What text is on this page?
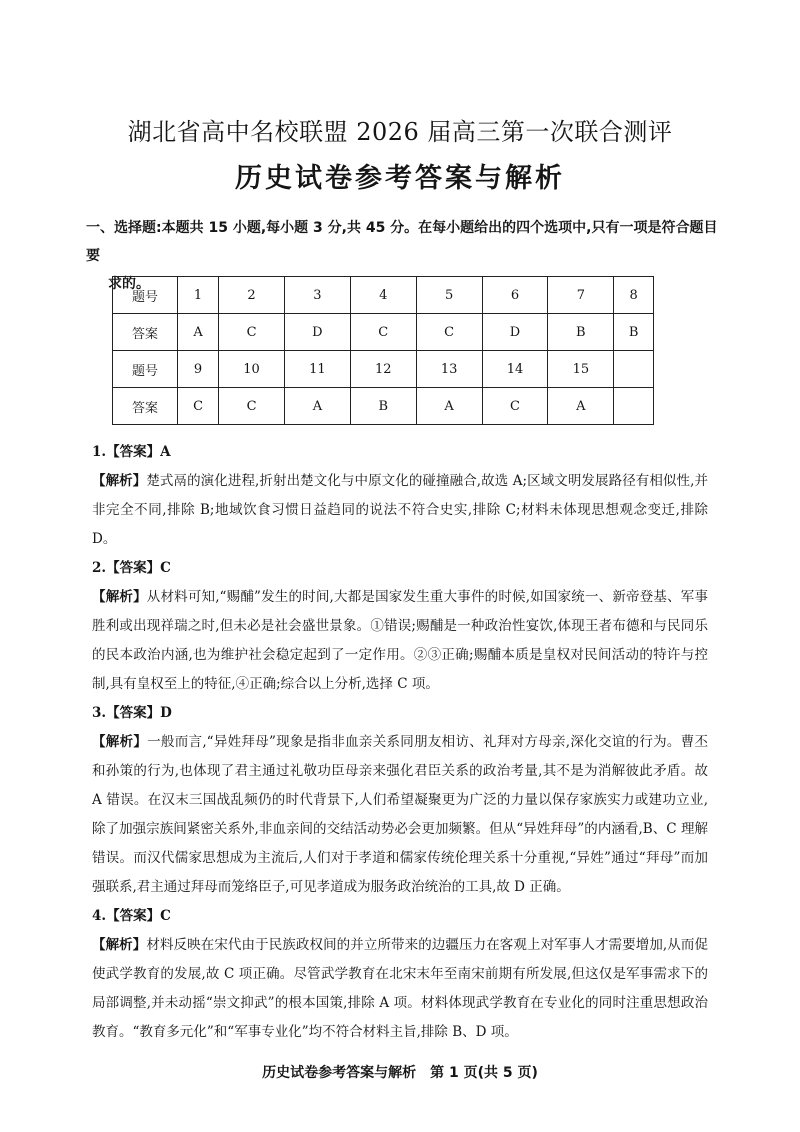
湖北省高中名校联盟 2026 届高三第一次联合测评
历史试卷参考答案与解析
一、选择题:本题共 15 小题,每小题 3 分,共 45 分。在每小题给出的四个选项中,只有一项是符合题目要
求的。
题号	1	2	3	4	5	6	7	8
答案	A	C	D	C	C	D	B	B
题号	9	10	11	12	13	14	15	
答案	C	C	A	B	A	C	A	
1.【答案】A

【解析】楚式鬲的演化进程,折射出楚文化与中原文化的碰撞融合,故选 A;区域文明发展路径有相似性,并非完全不同,排除 B;地域饮食习惯日益趋同的说法不符合史实,排除 C;材料未体现思想观念变迁,排除 D。

2.【答案】C

【解析】从材料可知,“赐酺”发生的时间,大都是国家发生重大事件的时候,如国家统一、新帝登基、军事胜利或出现祥瑞之时,但未必是社会盛世景象。①错误;赐酺是一种政治性宴饮,体现王者布德和与民同乐的民本政治内涵,也为维护社会稳定起到了一定作用。②③正确;赐酺本质是皇权对民间活动的特许与控制,具有皇权至上的特征,④正确;综合以上分析,选择 C 项。

3.【答案】D

【解析】一般而言,“异姓拜母”现象是指非血亲关系同朋友相访、礼拜对方母亲,深化交谊的行为。曹丕和孙策的行为,也体现了君主通过礼敬功臣母亲来强化君臣关系的政治考量,其不是为消解彼此矛盾。故 A 错误。在汉末三国战乱频仍的时代背景下,人们希望凝聚更为广泛的力量以保存家族实力或建功立业,除了加强宗族间紧密关系外,非血亲间的交结活动势必会更加频繁。但从“异姓拜母”的内涵看,B、C 理解错误。而汉代儒家思想成为主流后,人们对于孝道和儒家传统伦理关系十分重视,“异姓”通过“拜母”而加强联系,君主通过拜母而笼络臣子,可见孝道成为服务政治统治的工具,故 D 正确。

4.【答案】C

【解析】材料反映在宋代由于民族政权间的并立所带来的边疆压力在客观上对军事人才需要增加,从而促使武学教育的发展,故 C 项正确。尽管武学教育在北宋末年至南宋前期有所发展,但这仅是军事需求下的局部调整,并未动摇“崇文抑武”的根本国策,排除 A 项。材料体现武学教育在专业化的同时注重思想政治教育。“教育多元化”和“军事专业化”均不符合材料主旨,排除 B、D 项。

历史试卷参考答案与解析　第 1 页(共 5 页)
